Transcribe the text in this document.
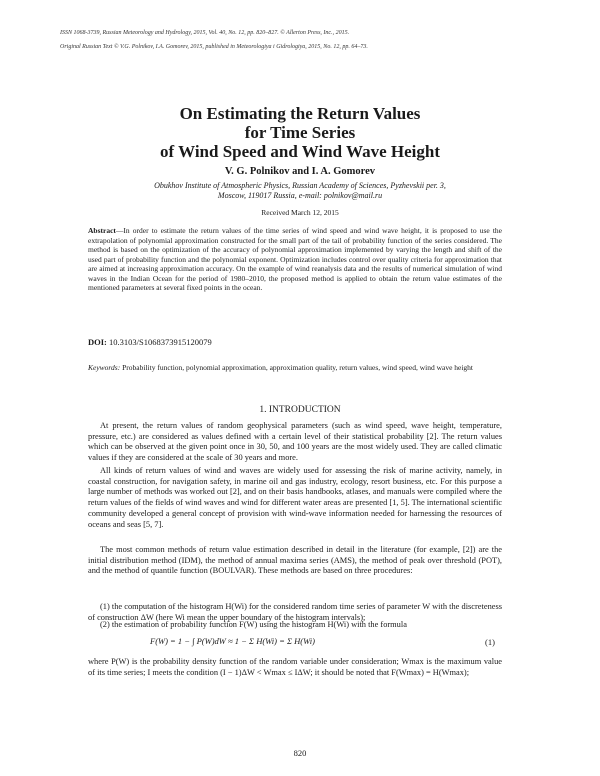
ISSN 1068-3739, Russian Meteorology and Hydrology, 2015, Vol. 40, No. 12, pp. 820–827. © Allerton Press, Inc., 2015.
Original Russian Text © V.G. Polnikov, I.A. Gomorev, 2015, published in Meteorologiya i Gidrologiya, 2015, No. 12, pp. 64–73.
On Estimating the Return Values
for Time Series
of Wind Speed and Wind Wave Height
V. G. Polnikov and I. A. Gomorev
Obukhov Institute of Atmospheric Physics, Russian Academy of Sciences, Pyzhevskii per. 3,
Moscow, 119017 Russia, e-mail: polnikov@mail.ru
Received March 12, 2015
Abstract—In order to estimate the return values of the time series of wind speed and wind wave height, it is proposed to use the extrapolation of polynomial approximation constructed for the small part of the tail of probability function of the series considered. The method is based on the optimization of the accuracy of polynomial approximation implemented by varying the length and shift of the used part of probability function and the polynomial exponent. Optimization includes control over quality criteria for approximation that are aimed at increasing approximation accuracy. On the example of wind reanalysis data and the results of numerical simulation of wind waves in the Indian Ocean for the period of 1980–2010, the proposed method is applied to obtain the return value estimates of the mentioned parameters at several fixed points in the ocean.
DOI: 10.3103/S1068373915120079
Keywords: Probability function, polynomial approximation, approximation quality, return values, wind speed, wind wave height
1. INTRODUCTION
At present, the return values of random geophysical parameters (such as wind speed, wave height, temperature, pressure, etc.) are considered as values defined with a certain level of their statistical probability [2]. The return values which can be observed at the given point once in 30, 50, and 100 years are the most widely used. They are called climatic values if they are considered at the scale of 30 years and more.
All kinds of return values of wind and waves are widely used for assessing the risk of marine activity, namely, in coastal construction, for navigation safety, in marine oil and gas industry, ecology, resort business, etc. For this purpose a large number of methods was worked out [2], and on their basis handbooks, atlases, and manuals were compiled where the return values of the fields of wind waves and wind for different water areas are presented [1, 5]. The international scientific community developed a general concept of provision with wind-wave information needed for harnessing the resources of oceans and seas [5, 7].
The most common methods of return value estimation described in detail in the literature (for example, [2]) are the initial distribution method (IDM), the method of annual maxima series (AMS), the method of peak over threshold (POT), and the method of quantile function (BOULVAR). These methods are based on three procedures:
(1) the computation of the histogram H(Wi) for the considered random time series of parameter W with the discreteness of construction ΔW (here Wi mean the upper boundary of the histogram intervals);
(2) the estimation of probability function F(W) using the histogram H(Wi) with the formula
F(W) = 1 − ∫ P(W)dW ≈ 1 − Σ H(Wi) = Σ H(Wi)	(1)
where P(W) is the probability density function of the random variable under consideration; Wmax is the maximum value of its time series; I meets the condition (I − 1)ΔW < Wmax ≤ IΔW; it should be noted that F(Wmax) = H(Wmax);
820
